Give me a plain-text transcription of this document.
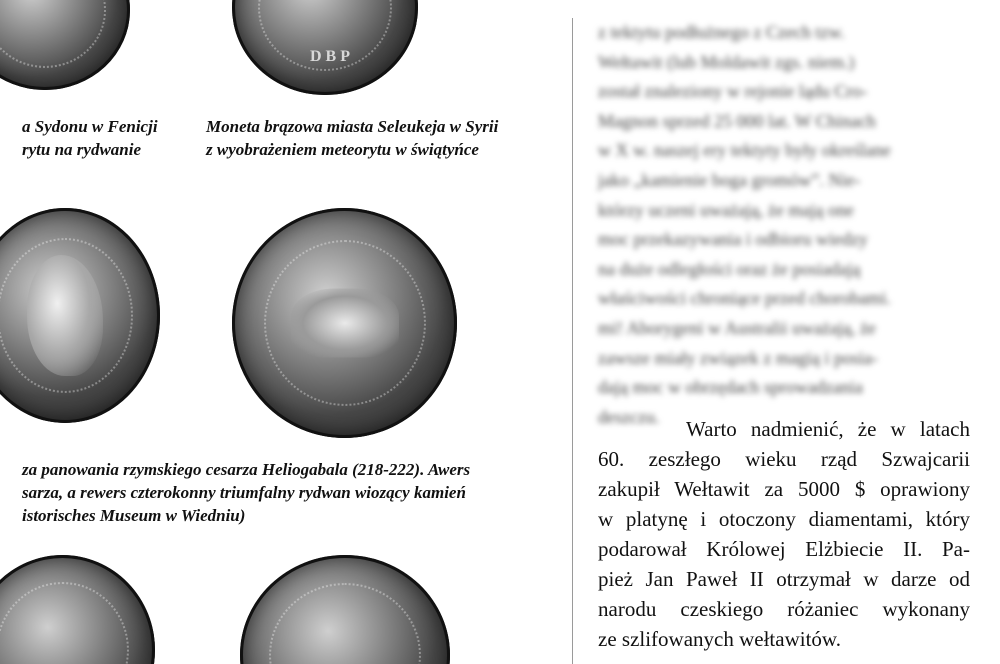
DBP
a Sydonu w Fenicji
rytu na rydwanie
Moneta brązowa miasta Seleukeja w Syrii
z wyobrażeniem meteorytu w świątyńce
za panowania rzymskiego cesarza Heliogabala (218-222). Awers
sarza, a rewers czterokonny triumfalny rydwan wiozący kamień
istorisches Museum w Wiedniu)

z tektytu podłużnego z Czech tzw.

Wełtawit (lub Moldawit zgs. niem.)

został znaleziony w rejonie lądu Cro-

Magnon sprzed 25 000 lat. W Chinach

w X w. naszej ery tektyty były określane

jako „kamienie boga gromów”. Nie-

którzy uczeni uważają, że mają one

moc przekazywania i odbioru wiedzy

na duże odległości oraz że posiadają

właściwości chroniące przed chorobami.

mi! Aborygeni w Australii uważają, że

zawsze miały związek z magią i posia-

dają moc w obrzędach sprowadzania

deszczu.

Warto nadmienić, że w latach
60. zeszłego wieku rząd Szwajcarii
zakupił Wełtawit za 5000 $ oprawiony
w platynę i otoczony diamentami, który
podarował Królowej Elżbiecie II. Pa-
pież Jan Paweł II otrzymał w darze od
narodu czeskiego różaniec wykonany
ze szlifowanych wełtawitów.
